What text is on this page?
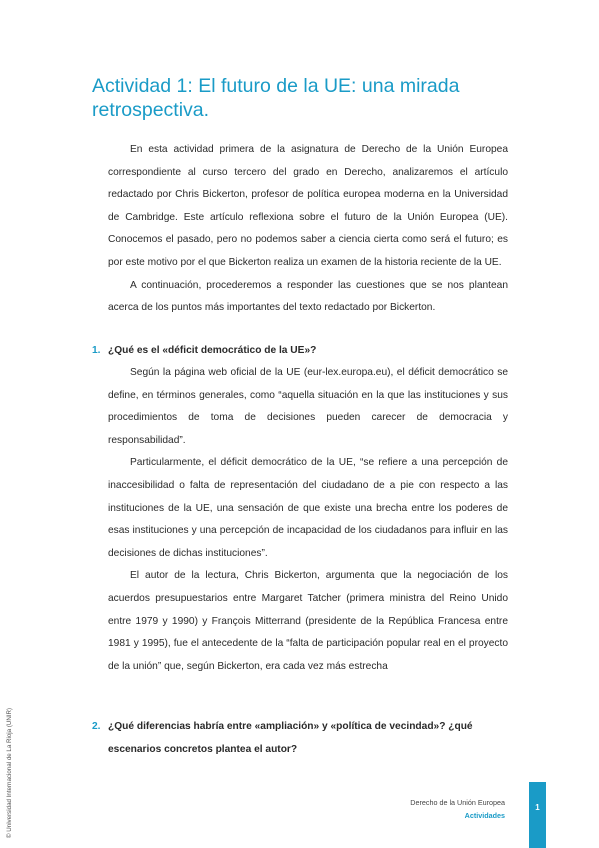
Actividad 1: El futuro de la UE: una mirada retrospectiva.

En esta actividad primera de la asignatura de Derecho de la Unión Europea correspondiente al curso tercero del grado en Derecho, analizaremos el artículo redactado por Chris Bickerton, profesor de política europea moderna en la Universidad de Cambridge. Este artículo reflexiona sobre el futuro de la Unión Europea (UE). Conocemos el pasado, pero no podemos saber a ciencia cierta como será el futuro; es por este motivo por el que Bickerton realiza un examen de la historia reciente de la UE.

A continuación, procederemos a responder las cuestiones que se nos plantean acerca de los puntos más importantes del texto redactado por Bickerton.

1. ¿Qué es el «déficit democrático de la UE»?

Según la página web oficial de la UE (eur-lex.europa.eu), el déficit democrático se define, en términos generales, como “aquella situación en la que las instituciones y sus procedimientos de toma de decisiones pueden carecer de democracia y responsabilidad”.

Particularmente, el déficit democrático de la UE, “se refiere a una percepción de inaccesibilidad o falta de representación del ciudadano de a pie con respecto a las instituciones de la UE, una sensación de que existe una brecha entre los poderes de esas instituciones y una percepción de incapacidad de los ciudadanos para influir en las decisiones de dichas instituciones”.

El autor de la lectura, Chris Bickerton, argumenta que la negociación de los acuerdos presupuestarios entre Margaret Tatcher (primera ministra del Reino Unido entre 1979 y 1990) y François Mitterrand (presidente de la República Francesa entre 1981 y 1995), fue el antecedente de la “falta de participación popular real en el proyecto de la unión” que, según Bickerton, era cada vez más estrecha

2. ¿Qué diferencias habría entre «ampliación» y «política de vecindad»? ¿qué escenarios concretos plantea el autor?
© Universidad Internacional de La Rioja (UNIR)	Derecho de la Unión Europea
Actividades
1
